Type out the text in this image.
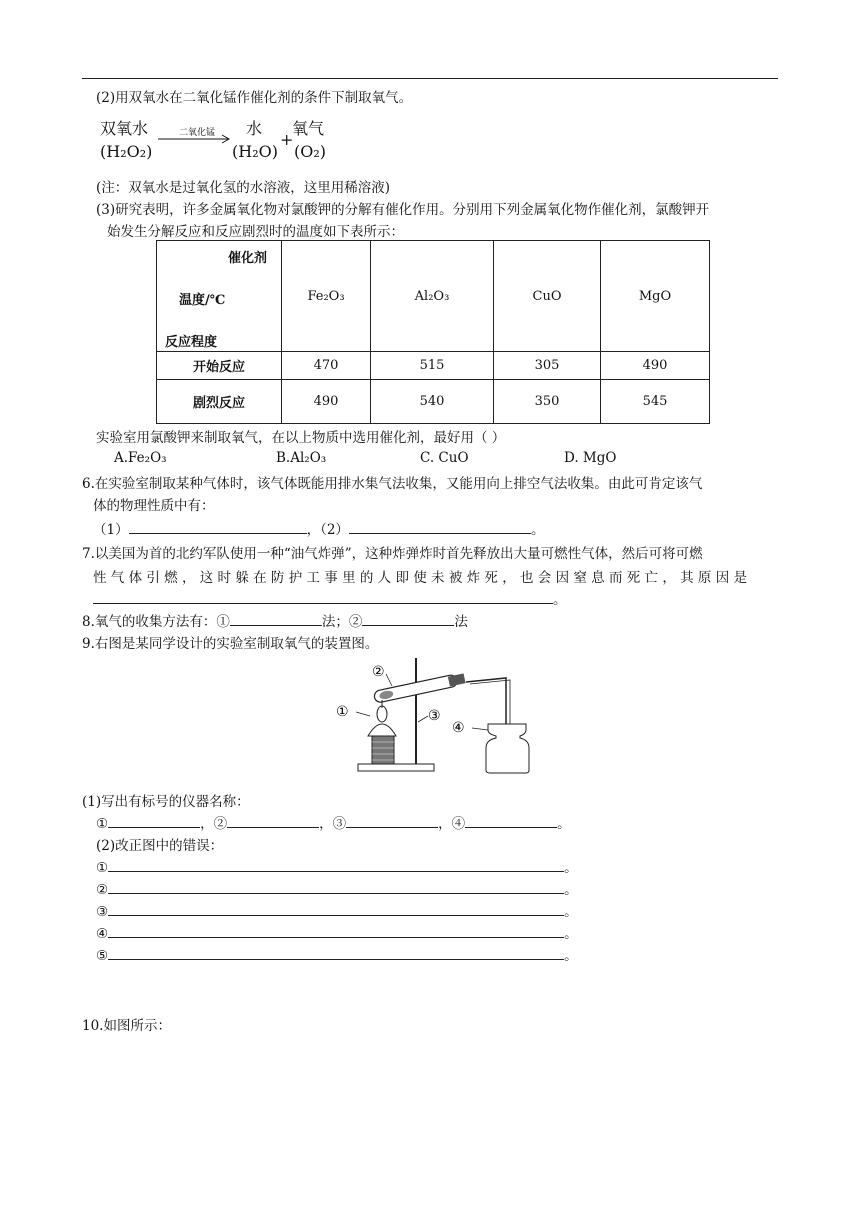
(2)用双氧水在二氧化锰作催化剂的条件下制取氧气。
双氧水
(H₂O₂)
二氧化锰	水
(H₂O)
+
氧气
(O₂)
(注：双氧水是过氧化氢的水溶液，这里用稀溶液)
(3)研究表明，许多金属氧化物对氯酸钾的分解有催化作用。分别用下列金属氧化物作催化剂，氯酸钾开
始发生分解反应和反应剧烈时的温度如下表所示：
催化剂
温度/℃
反应程度	Fe₂O₃	Al₂O₃	CuO	MgO
开始反应	470	515	305	490
剧烈反应	490	540	350	545
实验室用氯酸钾来制取氧气，在以上物质中选用催化剂，最好用（ ）
A.Fe₂O₃	B.Al₂O₃	C. CuO	D. MgO
6.在实验室制取某种气体时，该气体既能用排水集气法收集，又能用向上排空气法收集。由此可肯定该气
体的物理性质中有：
（1）	，（2）	。
7.以美国为首的北约军队使用一种“油气炸弹”，这种炸弹炸时首先释放出大量可燃性气体，然后可将可燃
性 气 体 引 燃 ， 这 时 躲 在 防 护 工 事 里 的 人 即 使 未 被 炸 死 ， 也 会 因 窒 息 而 死 亡 ， 其 原 因 是
。
8.氧气的收集方法有：①	法；②	法
9.右图是某同学设计的实验室制取氧气的装置图。
①
②
③
④
(1)写出有标号的仪器名称：
①	，②	，③	，④	。
(2)改正图中的错误：
①	。
②	。
③	。
④	。
⑤	。
10.如图所示：
